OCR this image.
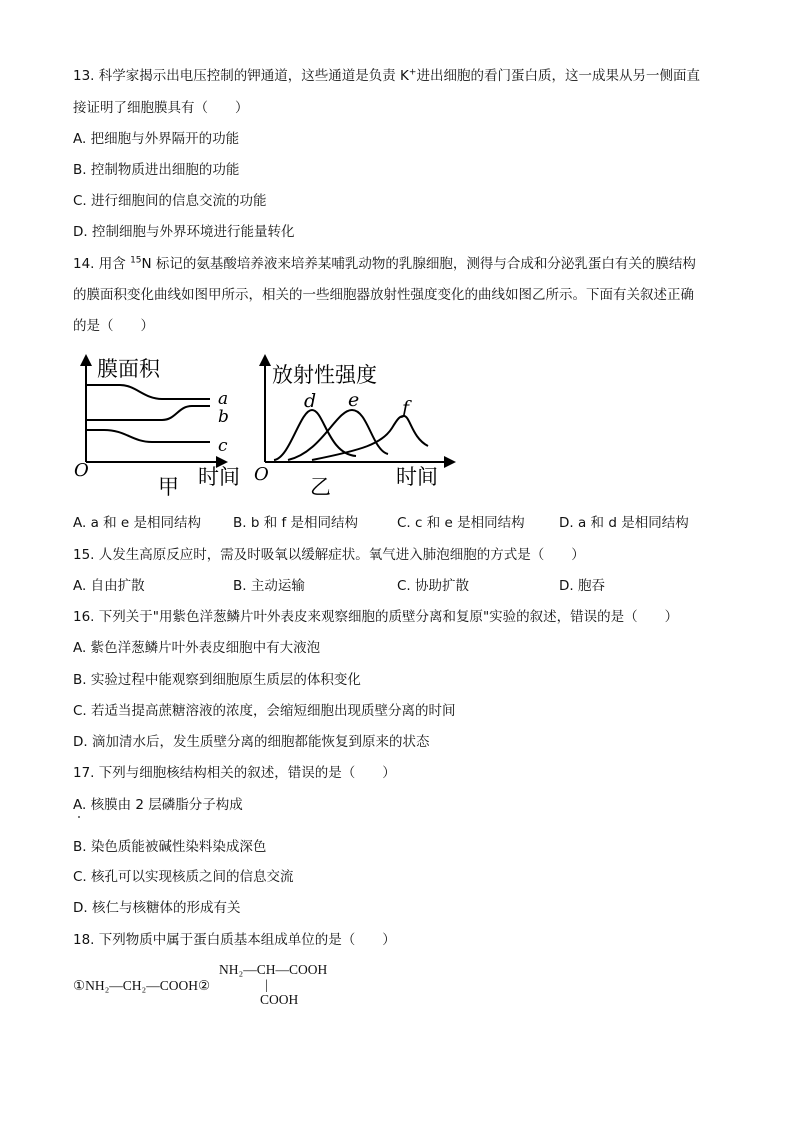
13. 科学家揭示出电压控制的钾通道，这些通道是负责 K+进出细胞的看门蛋白质，这一成果从另一侧面直
接证明了细胞膜具有（　　）
A. 把细胞与外界隔开的功能
B. 控制物质进出细胞的功能
C. 进行细胞间的信息交流的功能
D. 控制细胞与外界环境进行能量转化
14. 用含 $^{15}$N 标记的氨基酸培养液来培养某哺乳动物的乳腺细胞，测得与合成和分泌乳蛋白有关的膜结构
的膜面积变化曲线如图甲所示，相关的一些细胞器放射性强度变化的曲线如图乙所示。下面有关叙述正确
的是（　　）
膜面积
a
b
c
O	时间
甲
放射性强度
d e f
O	时间
乙
A. a 和 e 是相同结构 B. b 和 f 是相同结构	C. c 和 e 是相同结构	D. a 和 d 是相同结构
15. 人发生高原反应时，需及时吸氧以缓解症状。氧气进入肺泡细胞的方式是（　　）
A. 自由扩散	B. 主动运输	C. 协助扩散	D. 胞吞
16. 下列关于"用紫色洋葱鳞片叶外表皮来观察细胞的质壁分离和复原"实验的叙述，错误的是（　　）
A. 紫色洋葱鳞片叶外表皮细胞中有大液泡
B. 实验过程中能观察到细胞原生质层的体积变化
C. 若适当提高蔗糖溶液的浓度，会缩短细胞出现质壁分离的时间
D. 滴加清水后，发生质壁分离的细胞都能恢复到原来的状态
17. 下列与细胞核结构相关的叙述，错误的是（　　）
A. 核膜由 2 层磷脂分子构成
B. 染色质能被碱性染料染成深色
C. 核孔可以实现核质之间的信息交流
D. 核仁与核糖体的形成有关
18. 下列物质中属于蛋白质基本组成单位的是（　　）
①NH₂—CH₂—COOH②
NH₂—CH—COOH
|
COOH
